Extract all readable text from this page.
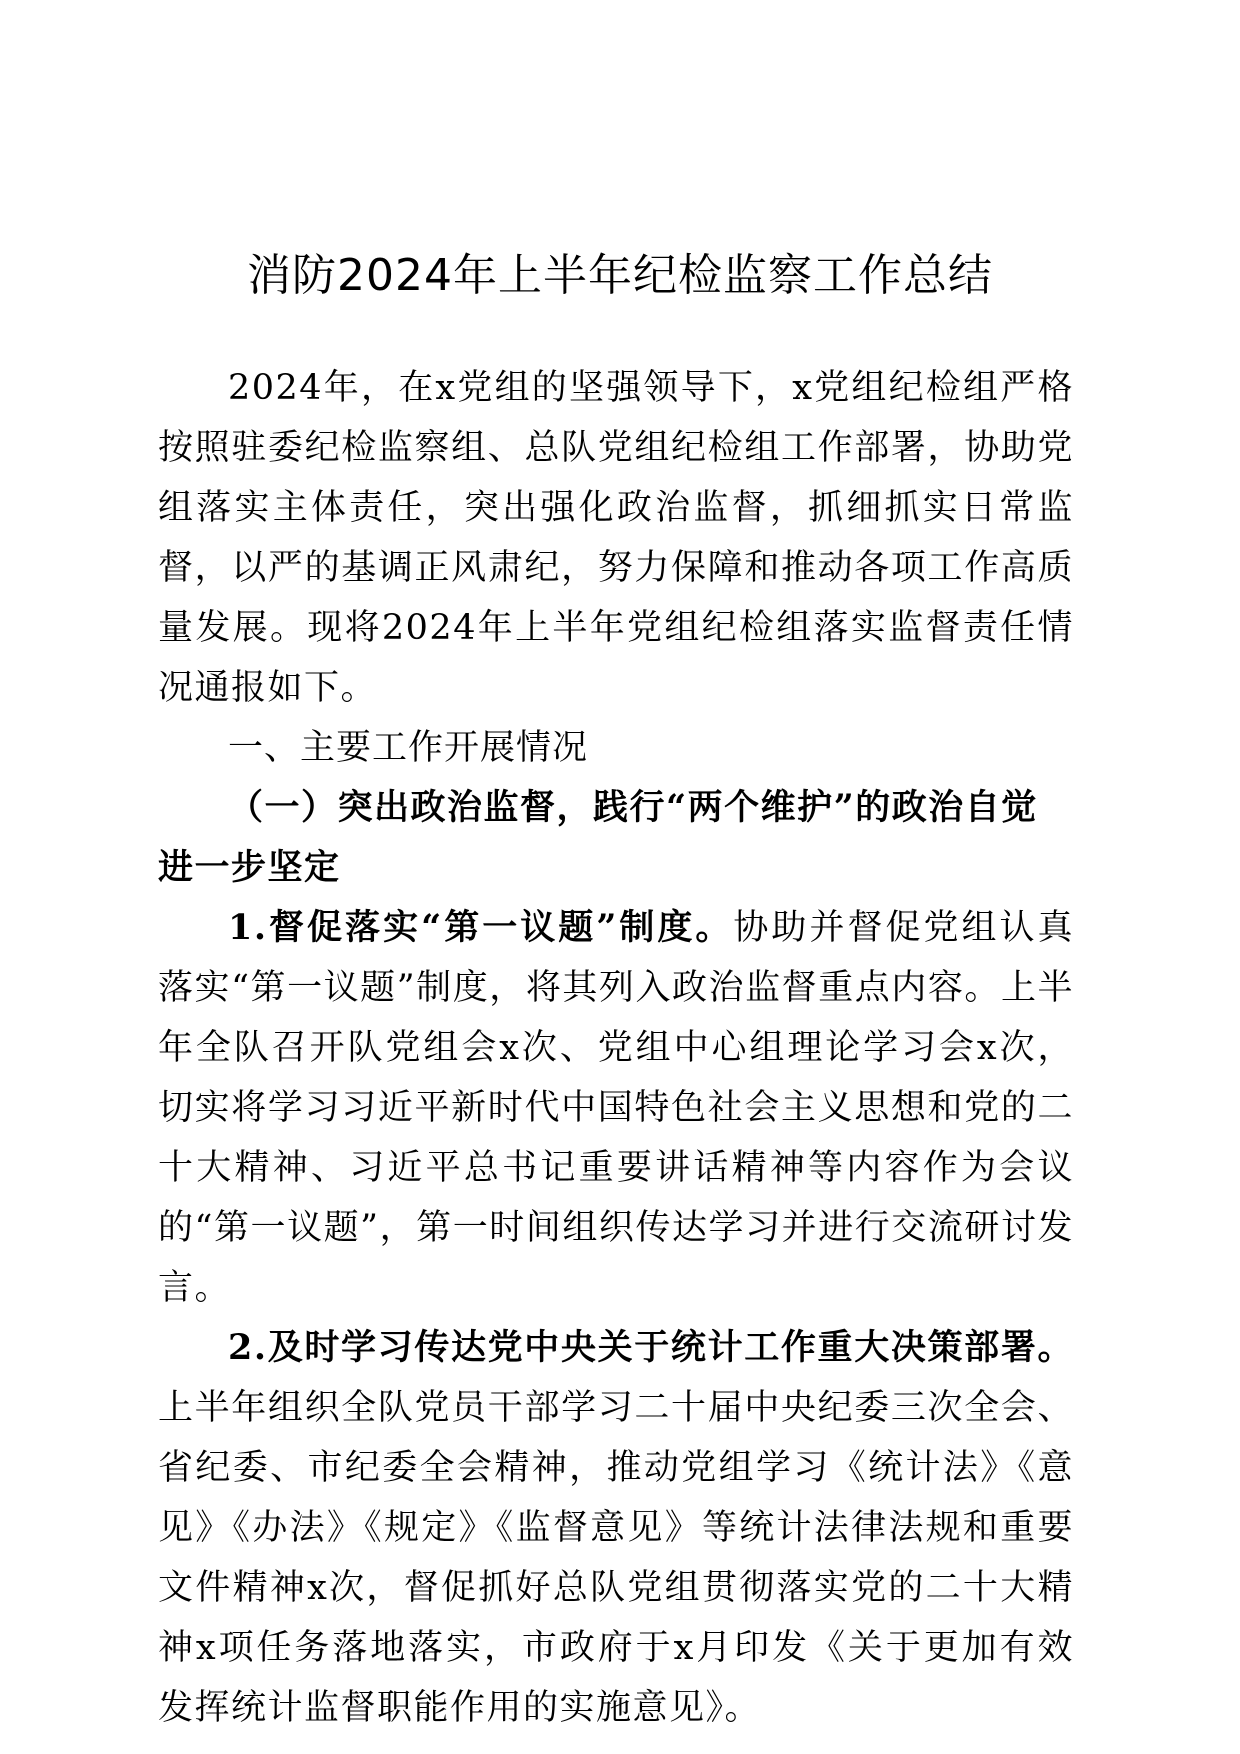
消防2024年上半年纪检监察工作总结

2024年，在x党组的坚强领导下，x党组纪检组严格按照驻委纪检监察组、总队党组纪检组工作部署，协助党组落实主体责任，突出强化政治监督，抓细抓实日常监督，以严的基调正风肃纪，努力保障和推动各项工作高质量发展。现将2024年上半年党组纪检组落实监督责任情况通报如下。

一、主要工作开展情况

（一）突出政治监督，践行“两个维护”的政治自觉进一步坚定

1.督促落实“第一议题”制度。协助并督促党组认真落实“第一议题”制度，将其列入政治监督重点内容。上半年全队召开队党组会x次、党组中心组理论学习会x次，切实将学习习近平新时代中国特色社会主义思想和党的二十大精神、习近平总书记重要讲话精神等内容作为会议的“第一议题”，第一时间组织传达学习并进行交流研讨发言。

2.及时学习传达党中央关于统计工作重大决策部署。上半年组织全队党员干部学习二十届中央纪委三次全会、省纪委、市纪委全会精神，推动党组学习《统计法》《意见》《办法》《规定》《监督意见》等统计法律法规和重要文件精神x次，督促抓好总队党组贯彻落实党的二十大精神x项任务落地落实，市政府于x月印发《关于更加有效发挥统计监督职能作用的实施意见》。
